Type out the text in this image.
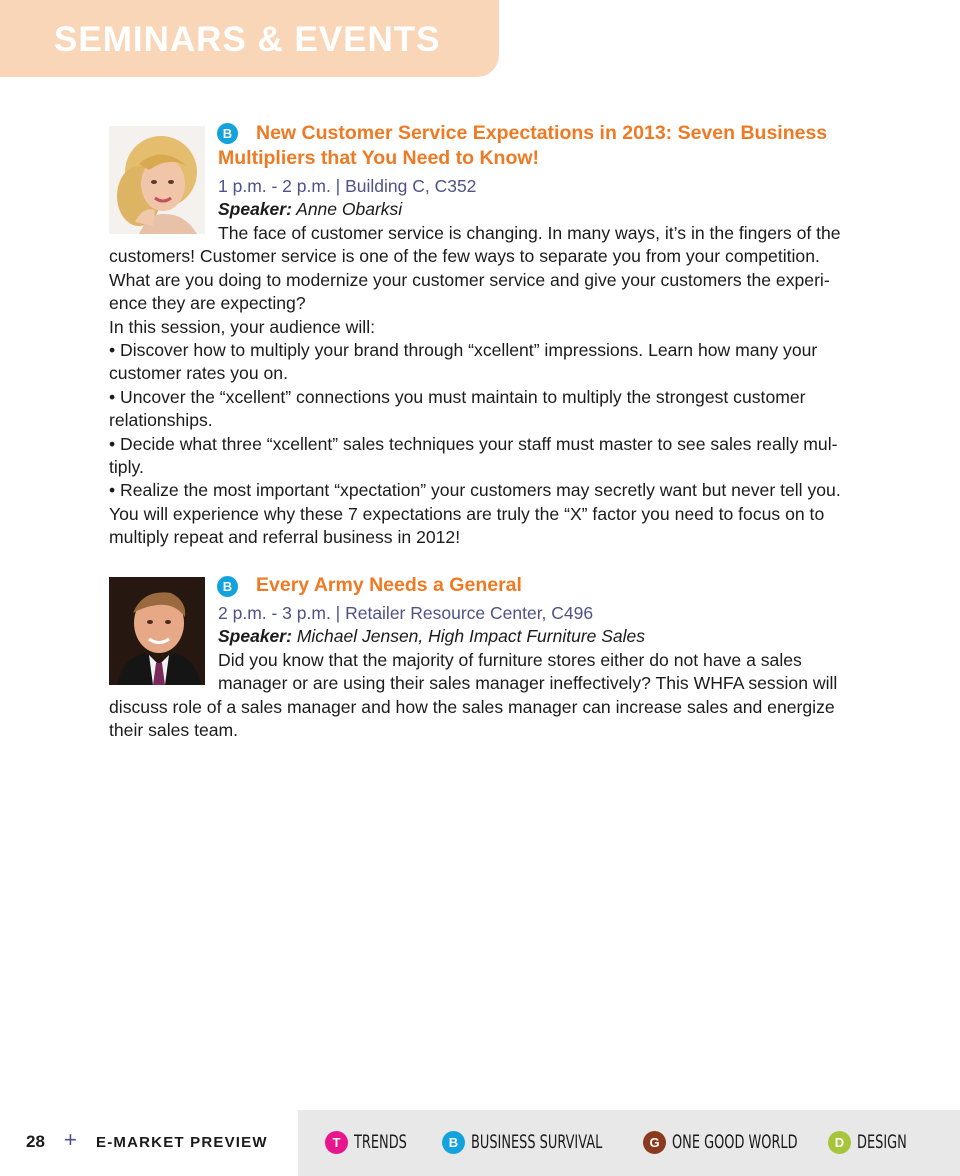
SEMINARS & EVENTS
B New Customer Service Expectations in 2013: Seven Business

Multipliers that You Need to Know!

1 p.m. - 2 p.m. | Building C, C352

Speaker: Anne Obarksi

The face of customer service is changing. In many ways, it’s in the fingers of the

customers! Customer service is one of the few ways to separate you from your competition.

What are you doing to modernize your customer service and give your customers the experi-

ence they are expecting?

In this session, your audience will:

• Discover how to multiply your brand through “xcellent” impressions. Learn how many your

customer rates you on.

• Uncover the “xcellent” connections you must maintain to multiply the strongest customer

relationships.

• Decide what three “xcellent” sales techniques your staff must master to see sales really mul-

tiply.

• Realize the most important “xpectation” your customers may secretly want but never tell you.

You will experience why these 7 expectations are truly the “X” factor you need to focus on to

multiply repeat and referral business in 2012!

B Every Army Needs a General

2 p.m. - 3 p.m. | Retailer Resource Center, C496

Speaker: Michael Jensen, High Impact Furniture Sales

Did you know that the majority of furniture stores either do not have a sales

manager or are using their sales manager ineffectively? This WHFA session will

discuss role of a sales manager and how the sales manager can increase sales and energize

their sales team.

28 + E-MARKET PREVIEW	T TRENDS	B BUSINESS SURVIVAL	G ONE GOOD WORLD	D DESIGN
